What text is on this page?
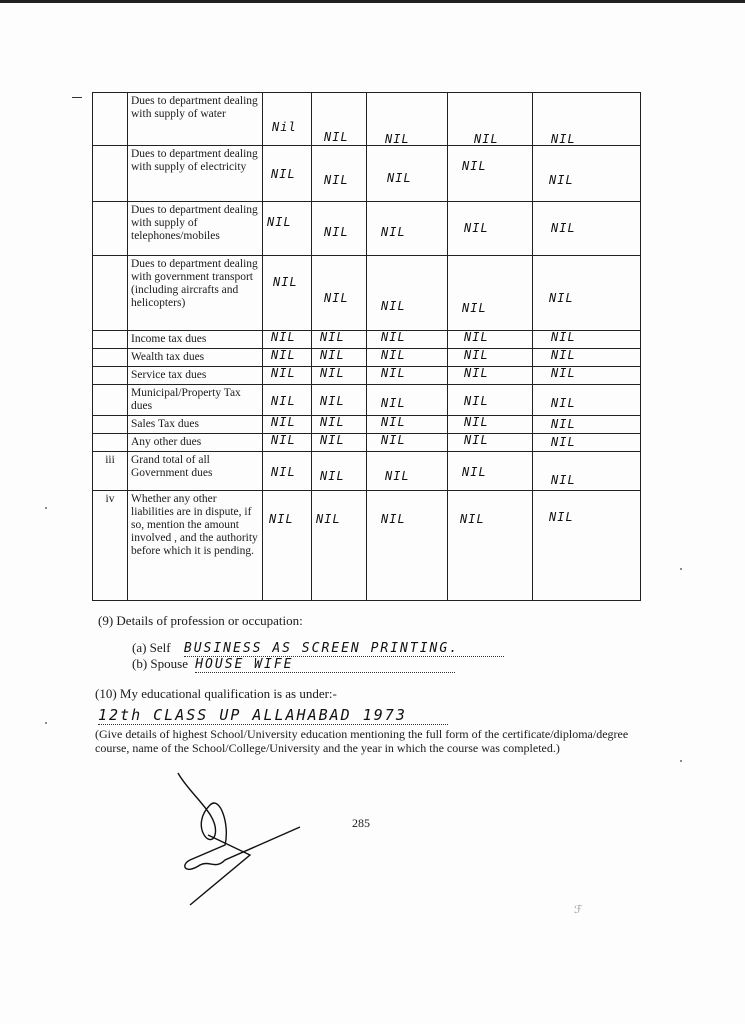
	Dues to department dealing with supply of water	Nil	NIL	NIL	NIL	NIL

	Dues to department dealing with supply of electricity	NIL	NIL	NIL	NIL	NIL

	Dues to department dealing with supply of telephones/mobiles	NIL	NIL	NIL	NIL	NIL

	Dues to department dealing with government transport (including aircrafts and helicopters)	NIL	NIL	NIL	NIL	NIL

	Income tax dues	NIL	NIL	NIL	NIL	NIL

	Wealth tax dues	NIL	NIL	NIL	NIL	NIL

	Service tax dues	NIL	NIL	NIL	NIL	NIL

	Municipal/Property Tax dues	NIL	NIL	NIL	NIL	NIL

	Sales Tax dues	NIL	NIL	NIL	NIL	NIL

	Any other dues	NIL	NIL	NIL	NIL	NIL

iii	Grand total of all Government dues	NIL	NIL	NIL	NIL	NIL

iv	Whether any other liabilities are in dispute, if so, mention the amount involved , and the authority before which it is pending.	NIL	NIL	NIL	NIL	NIL
(9) Details of profession or occupation:
(a) Self BUSINESS AS SCREEN PRINTING.
(b) Spouse HOUSE WIFE
(10) My educational qualification is as under:-
12th CLASS UP ALLAHABAD 1973
(Give details of highest School/University education mentioning the full form of the certificate/diploma/degree course, name of the School/College/University and the year in which the course was completed.)
285
ℱ
